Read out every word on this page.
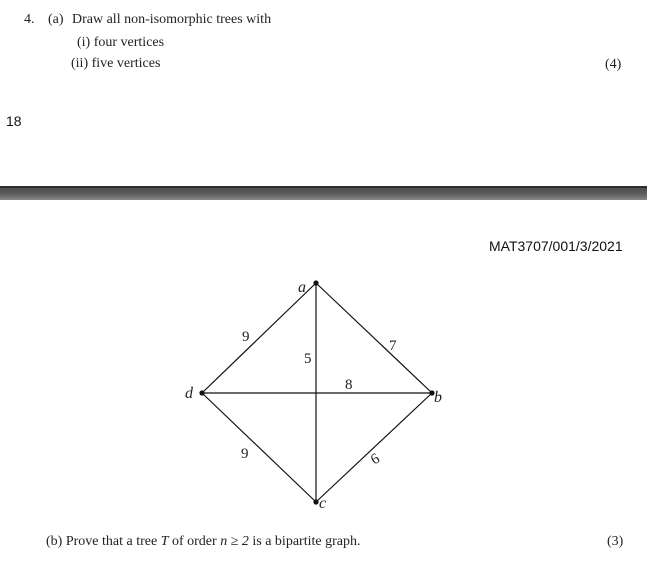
4. (a) Draw all non-isomorphic trees with
(i) four vertices
(ii) five vertices	(4)
18
MAT3707/001/3/2021
a
b
c
d
9
7
5
8
9	6
(b) Prove that a tree T of order n ≥ 2 is a bipartite graph.	(3)
